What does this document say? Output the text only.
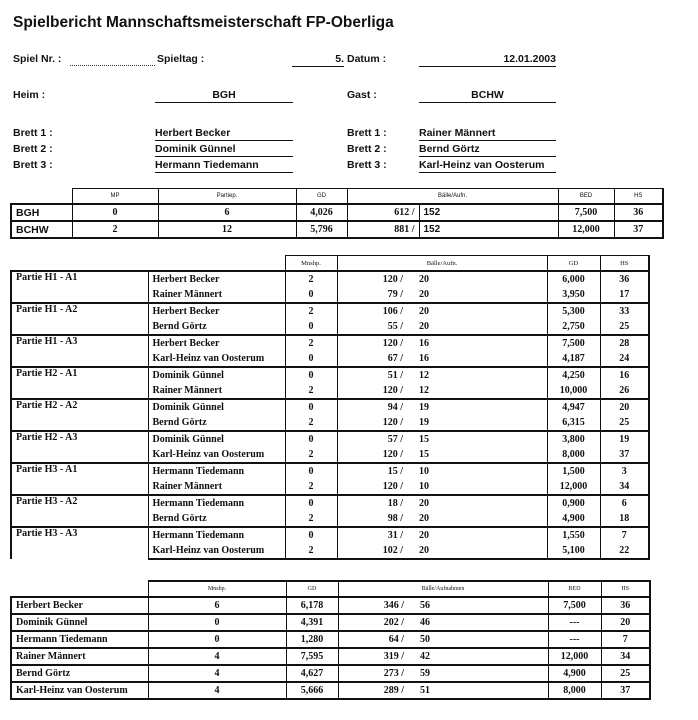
Spielbericht Mannschaftsmeisterschaft FP-Oberliga
Spiel Nr. :	Spieltag :	5. Datum :	12.01.2003
Heim :	BGH	Gast :	BCHW
Brett 1 :	Herbert Becker	Brett 1 :	Rainer Männert
Brett 2 :	Dominik Günnel	Brett 2 :	Bernd Görtz
Brett 3 :	Hermann Tiedemann	Brett 3 :	Karl-Heinz van Oosterum
	MP	Partiep.	GD	Bälle/Aufn.		BED	HS
BGH	0	6	4,026	612 /	152	7,500	36
BCHW	2	12	5,796	881 /	152	12,000	37
		Mnshp.	Bälle/Aufn.		GD	HS
Partie H1 - A1	Herbert Becker	2	120 /	20	6,000	36
	Rainer Männert	0	79 /	20	3,950	17
Partie H1 - A2	Herbert Becker	2	106 /	20	5,300	33
	Bernd Görtz	0	55 /	20	2,750	25
Partie H1 - A3	Herbert Becker	2	120 /	16	7,500	28
	Karl-Heinz van Oosterum	0	67 /	16	4,187	24
Partie H2 - A1	Dominik Günnel	0	51 /	12	4,250	16
	Rainer Männert	2	120 /	12	10,000	26
Partie H2 - A2	Dominik Günnel	0	94 /	19	4,947	20
	Bernd Görtz	2	120 /	19	6,315	25
Partie H2 - A3	Dominik Günnel	0	57 /	15	3,800	19
	Karl-Heinz van Oosterum	2	120 /	15	8,000	37
Partie H3 - A1	Hermann Tiedemann	0	15 /	10	1,500	3
	Rainer Männert	2	120 /	10	12,000	34
Partie H3 - A2	Hermann Tiedemann	0	18 /	20	0,900	6
	Bernd Görtz	2	98 /	20	4,900	18
Partie H3 - A3	Hermann Tiedemann	0	31 /	20	1,550	7
	Karl-Heinz van Oosterum	2	102 /	20	5,100	22
	Mnshp.	GD	Bälle/Aufnahmen		BED	HS
Herbert Becker	6	6,178	346 /	56	7,500	36
Dominik Günnel	0	4,391	202 /	46	---	20
Hermann Tiedemann	0	1,280	64 /	50	---	7
Rainer Männert	4	7,595	319 /	42	12,000	34
Bernd Görtz	4	4,627	273 /	59	4,900	25
Karl-Heinz van Oosterum	4	5,666	289 /	51	8,000	37
